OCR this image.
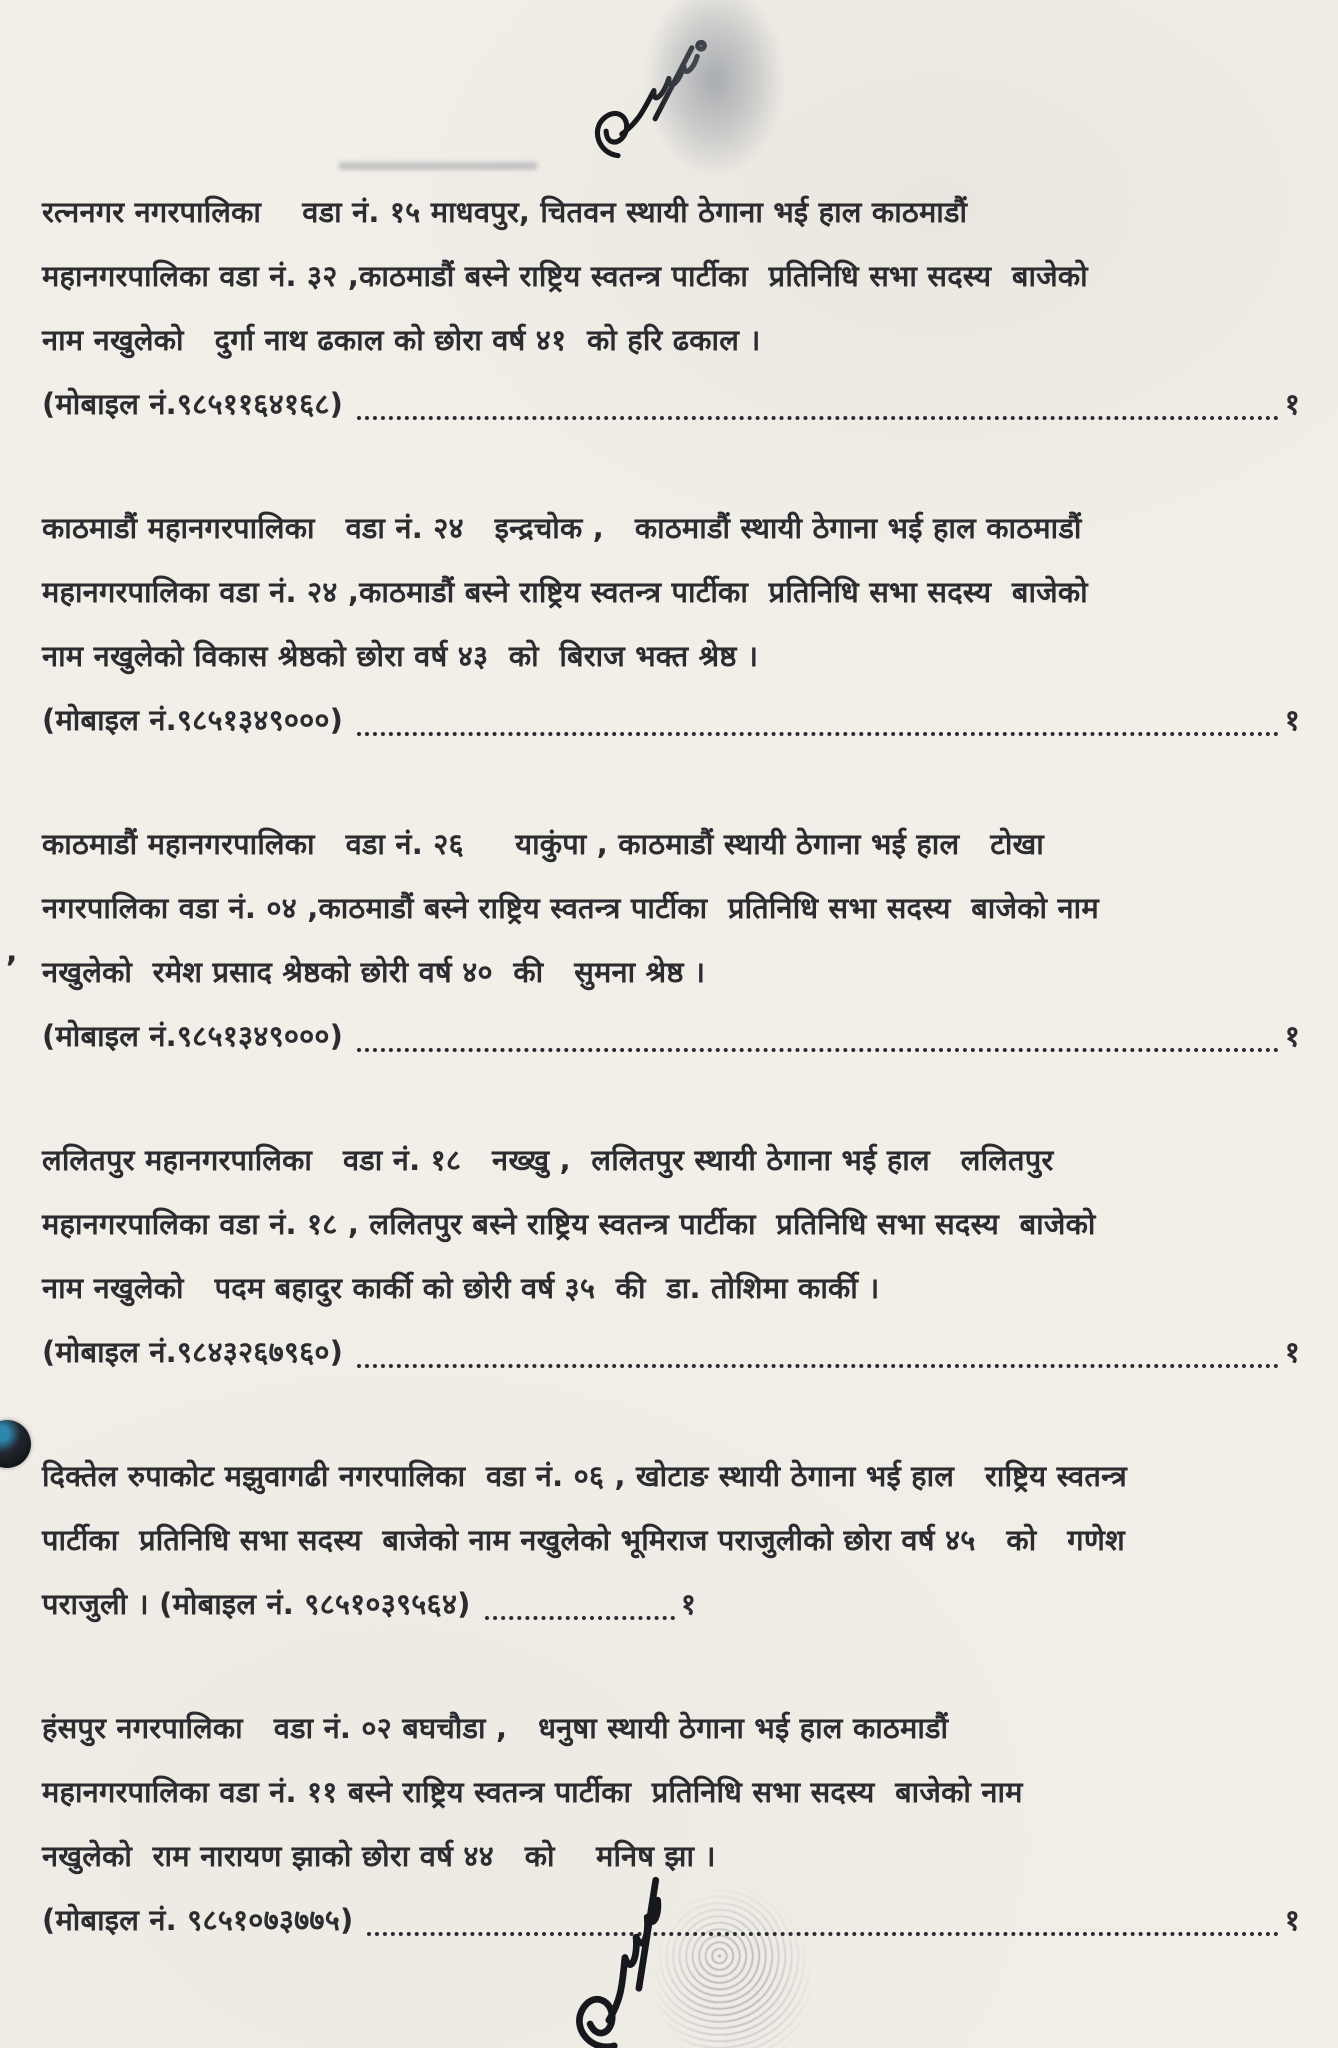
,
रत्ननगर नगरपालिका    वडा नं. १५ माधवपुर, चितवन स्थायी ठेगाना भई हाल काठमाडौं
महानगरपालिका वडा नं. ३२ ,काठमाडौं बस्ने राष्ट्रिय स्वतन्त्र पार्टीका  प्रतिनिधि सभा सदस्य  बाजेको
नाम नखुलेको   दुर्गा नाथ ढकाल को छोरा वर्ष ४१  को हरि ढकाल ।
(मोबाइल नं.९८५११६४१६८)	१
काठमाडौं महानगरपालिका   वडा नं. २४   इन्द्रचोक ,   काठमाडौं स्थायी ठेगाना भई हाल काठमाडौं
महानगरपालिका वडा नं. २४ ,काठमाडौं बस्ने राष्ट्रिय स्वतन्त्र पार्टीका  प्रतिनिधि सभा सदस्य  बाजेको
नाम नखुलेको विकास श्रेष्ठको छोरा वर्ष ४३  को  बिराज भक्त श्रेष्ठ ।
(मोबाइल नं.९८५१३४९०००)	१
काठमाडौं महानगरपालिका   वडा नं. २६     याकुंपा , काठमाडौं स्थायी ठेगाना भई हाल   टोखा
नगरपालिका वडा नं. ०४ ,काठमाडौं बस्ने राष्ट्रिय स्वतन्त्र पार्टीका  प्रतिनिधि सभा सदस्य  बाजेको नाम
नखुलेको  रमेश प्रसाद श्रेष्ठको छोरी वर्ष ४०  की   सुमना श्रेष्ठ ।
(मोबाइल नं.९८५१३४९०००)	१
ललितपुर महानगरपालिका   वडा नं. १८   नख्खु ,  ललितपुर स्थायी ठेगाना भई हाल   ललितपुर
महानगरपालिका वडा नं. १८ , ललितपुर बस्ने राष्ट्रिय स्वतन्त्र पार्टीका  प्रतिनिधि सभा सदस्य  बाजेको
नाम नखुलेको   पदम बहादुर कार्की को छोरी वर्ष ३५  की  डा. तोशिमा कार्की ।
(मोबाइल नं.९८४३२६७९६०)	१
दिक्तेल रुपाकोट मझुवागढी नगरपालिका  वडा नं. ०६ , खोटाङ स्थायी ठेगाना भई हाल   राष्ट्रिय स्वतन्त्र
पार्टीका  प्रतिनिधि सभा सदस्य  बाजेको नाम नखुलेको भूमिराज पराजुलीको छोरा वर्ष ४५   को   गणेश
पराजुली । (मोबाइल नं. ९८५१०३९५६४)	१
हंसपुर नगरपालिका   वडा नं. ०२ बघचौडा ,   धनुषा स्थायी ठेगाना भई हाल काठमाडौं
महानगरपालिका वडा नं. ११ बस्ने राष्ट्रिय स्वतन्त्र पार्टीका  प्रतिनिधि सभा सदस्य  बाजेको नाम
नखुलेको  राम नारायण झाको छोरा वर्ष ४४   को    मनिष झा ।
(मोबाइल नं. ९८५१०७३७७५)	१
